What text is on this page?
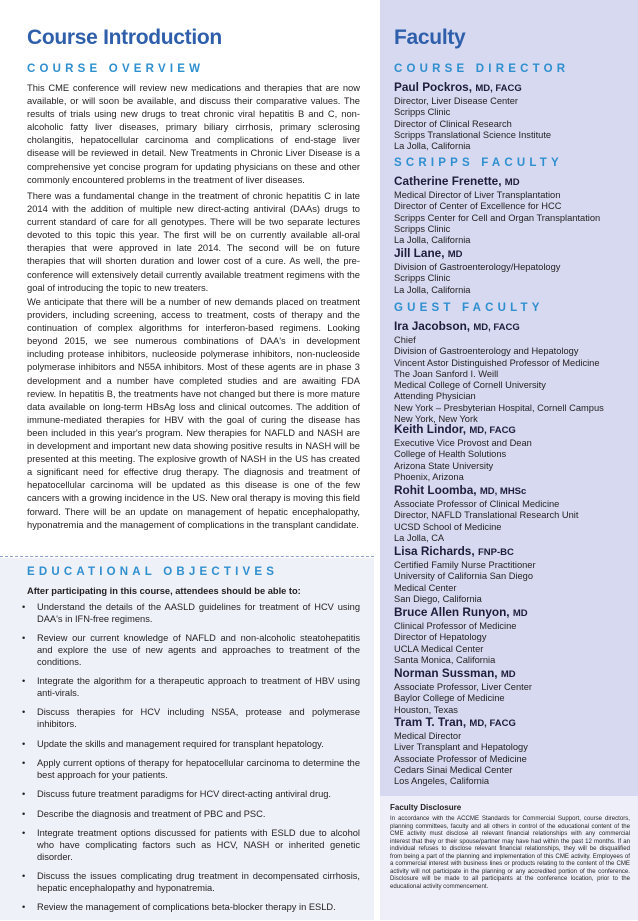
Course Introduction

COURSE OVERVIEW

This CME conference will review new medications and therapies that are now available, or will soon be available, and discuss their comparative values. The results of trials using new drugs to treat chronic viral hepatitis B and C, non-alcoholic fatty liver diseases, primary biliary cirrhosis, primary sclerosing cholangitis, hepatocellular carcinoma and complications of end-stage liver disease will be reviewed in detail. New Treatments in Chronic Liver Disease is a comprehensive yet concise program for updating physicians on these and other commonly encountered problems in the treatment of liver diseases.

There was a fundamental change in the treatment of chronic hepatitis C in late 2014 with the addition of multiple new direct-acting antiviral (DAAs) drugs to current standard of care for all genotypes. There will be two separate lectures devoted to this topic this year. The first will be on currently available all-oral therapies that were approved in late 2014. The second will be on future therapies that will shorten duration and lower cost of a cure. As well, the pre-conference will extensively detail currently available treatment regimens with the goal of introducing the topic to new treaters.

We anticipate that there will be a number of new demands placed on treatment providers, including screening, access to treatment, costs of therapy and the continuation of complex algorithms for interferon-based regimens. Looking beyond 2015, we see numerous combinations of DAA's in development including protease inhibitors, nucleoside polymerase inhibitors, non-nucleoside polymerase inhibitors and N55A inhibitors. Most of these agents are in phase 3 development and a number have completed studies and are awaiting FDA review. In hepatitis B, the treatments have not changed but there is more mature data available on long-term HBsAg loss and clinical outcomes. The addition of immune-mediated therapies for HBV with the goal of curing the disease has been included in this year's program. New therapies for NAFLD and NASH are in development and important new data showing positive results in NASH will be presented at this meeting. The explosive growth of NASH in the US has created a significant need for effective drug therapy. The diagnosis and treatment of hepatocellular carcinoma will be updated as this disease is one of the few cancers with a growing incidence in the US. New oral therapy is moving this field forward. There will be an update on management of hepatic encephalopathy, hyponatremia and the management of complications in the transplant candidate.

EDUCATIONAL OBJECTIVES

After participating in this course, attendees should be able to:

• Understand the details of the AASLD guidelines for treatment of HCV using DAA's in IFN-free regimens.
• Review our current knowledge of NAFLD and non-alcoholic steatohepatitis and explore the use of new agents and approaches to treatment of the conditions.
• Integrate the algorithm for a therapeutic approach to treatment of HBV using anti-virals.
• Discuss therapies for HCV including NS5A, protease and polymerase inhibitors.
• Update the skills and management required for transplant hepatology.
• Apply current options of therapy for hepatocellular carcinoma to determine the best approach for your patients.
• Discuss future treatment paradigms for HCV direct-acting antiviral drug.
• Describe the diagnosis and treatment of PBC and PSC.
• Integrate treatment options discussed for patients with ESLD due to alcohol who have complicating factors such as HCV, NASH or inherited genetic disorder.
• Discuss the issues complicating drug treatment in decompensated cirrhosis, hepatic encephalopathy and hyponatremia.
• Review the management of complications beta-blocker therapy in ESLD.
Faculty

COURSE DIRECTOR

Paul Pockros, MD, FACG

Director, Liver Disease Center

Scripps Clinic

Director of Clinical Research

Scripps Translational Science Institute

La Jolla, California

SCRIPPS FACULTY

Catherine Frenette, MD

Medical Director of Liver Transplantation

Director of Center of Excellence for HCC

Scripps Center for Cell and Organ Transplantation

Scripps Clinic

La Jolla, California

Jill Lane, MD

Division of Gastroenterology/Hepatology

Scripps Clinic

La Jolla, California

GUEST FACULTY

Ira Jacobson, MD, FACG

Chief

Division of Gastroenterology and Hepatology

Vincent Astor Distinguished Professor of Medicine

The Joan Sanford I. Weill

Medical College of Cornell University

Attending Physician

New York – Presbyterian Hospital, Cornell Campus

New York, New York

Keith Lindor, MD, FACG

Executive Vice Provost and Dean

College of Health Solutions

Arizona State University

Phoenix, Arizona

Rohit Loomba, MD, MHSc

Associate Professor of Clinical Medicine

Director, NAFLD Translational Research Unit

UCSD School of Medicine

La Jolla, CA

Lisa Richards, FNP-BC

Certified Family Nurse Practitioner

University of California San Diego

Medical Center

San Diego, California

Bruce Allen Runyon, MD

Clinical Professor of Medicine

Director of Hepatology

UCLA Medical Center

Santa Monica, California

Norman Sussman, MD

Associate Professor, Liver Center

Baylor College of Medicine

Houston, Texas

Tram T. Tran, MD, FACG

Medical Director

Liver Transplant and Hepatology

Associate Professor of Medicine

Cedars Sinai Medical Center

Los Angeles, California

Faculty Disclosure

In accordance with the ACCME Standards for Commercial Support, course directors, planning committees, faculty and all others in control of the educational content of the CME activity must disclose all relevant financial relationships with any commercial interest that they or their spouse/partner may have had within the past 12 months. If an individual refuses to disclose relevant financial relationships, they will be disqualified from being a part of the planning and implementation of this CME activity. Employees of a commercial interest with business lines or products relating to the content of the CME activity will not participate in the planning or any accredited portion of the conference. Disclosure will be made to all participants at the conference location, prior to the educational activity commencement.
